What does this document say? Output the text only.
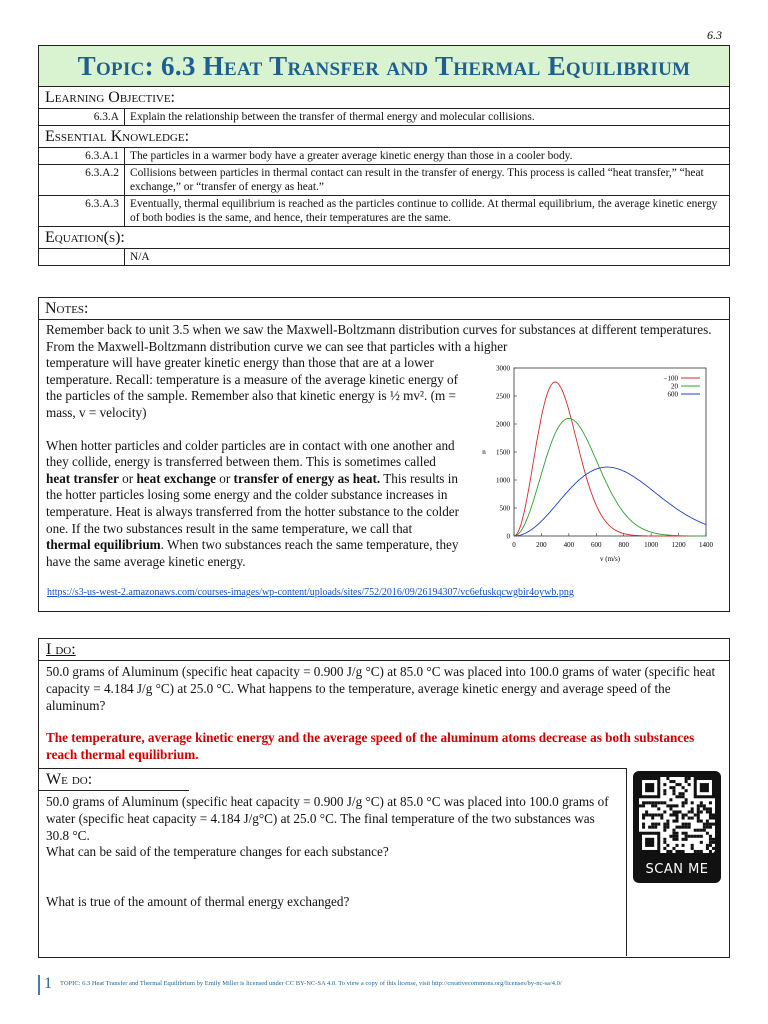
6.3
Topic: 6.3 Heat Transfer and Thermal Equilibrium
Learning Objective:
6.3.A Explain the relationship between the transfer of thermal energy and molecular collisions.
Essential Knowledge:
6.3.A.1 The particles in a warmer body have a greater average kinetic energy than those in a cooler body.
6.3.A.2 Collisions between particles in thermal contact can result in the transfer of energy. This process is called “heat transfer,” “heat exchange,” or “transfer of energy as heat.”
6.3.A.3 Eventually, thermal equilibrium is reached as the particles continue to collide. At thermal equilibrium, the average kinetic energy of both bodies is the same, and hence, their temperatures are the same.
Equation(s):

N/A
Notes:
Remember back to unit 3.5 when we saw the Maxwell-Boltzmann distribution curves for substances at different temperatures. From the Maxwell-Boltzmann distribution curve we can see that particles with a higher
temperature will have greater kinetic energy than those that are at a lower temperature. Recall: temperature is a measure of the average kinetic energy of the particles of the sample. Remember also that kinetic energy is ½ mv². (m = mass, v = velocity)
When hotter particles and colder particles are in contact with one another and they collide, energy is transferred between them. This is sometimes called heat transfer or heat exchange or transfer of energy as heat. This results in the hotter particles losing some energy and the colder substance increases in temperature. Heat is always transferred from the hotter substance to the colder one. If the two substances result in the same temperature, we call that thermal equilibrium. When two substances reach the same temperature, they have the same average kinetic energy.
https://s3-us-west-2.amazonaws.com/courses-images/wp-content/uploads/sites/752/2016/09/26194307/vc6efuskqcwgbir4oywb.png
0	200 400 600 800 1000 1200 1400
0
500
1000
1500
2000
2500
3000
v (m/s)
n
−100
20
600
I do:
50.0 grams of Aluminum (specific heat capacity = 0.900 J/g °C) at 85.0 °C was placed into 100.0 grams of water (specific heat capacity = 4.184 J/g °C) at 25.0 °C. What happens to the temperature, average kinetic energy and average speed of the aluminum?
The temperature, average kinetic energy and the average speed of the aluminum atoms decrease as both substances reach thermal equilibrium.
We do:
50.0 grams of Aluminum (specific heat capacity = 0.900 J/g °C) at 85.0 °C was placed into 100.0 grams of water (specific heat capacity = 4.184 J/g°C) at 25.0 °C. The final temperature of the two substances was 30.8 °C.
What can be said of the temperature changes for each substance?
What is true of the amount of thermal energy exchanged?
SCAN ME
1 TOPIC: 6.3 Heat Transfer and Thermal Equilibrium by Emily Miller is licensed under CC BY-NC-SA 4.0. To view a copy of this license, visit http://creativecommons.org/licenses/by-nc-sa/4.0/
